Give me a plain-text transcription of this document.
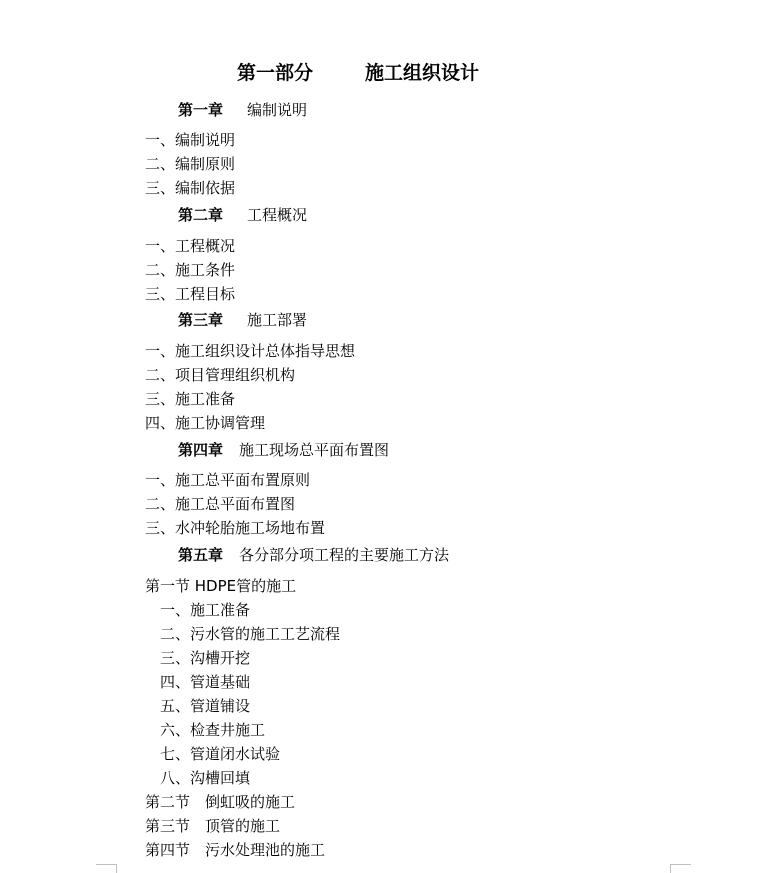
第一部分	施工组织设计
第一章 编制说明
一、编制说明
二、编制原则
三、编制依据
第二章 工程概况
一、工程概况
二、施工条件
三、工程目标
第三章 施工部署
一、施工组织设计总体指导思想
二、项目管理组织机构
三、施工准备
四、施工协调管理
第四章 施工现场总平面布置图
一、施工总平面布置原则
二、施工总平面布置图
三、水冲轮胎施工场地布置
第五章 各分部分项工程的主要施工方法
第一节 HDPE管的施工
一、施工准备
二、污水管的施工工艺流程
三、沟槽开挖
四、管道基础
五、管道铺设
六、检查井施工
七、管道闭水试验
八、沟槽回填
第二节　倒虹吸的施工
第三节　顶管的施工
第四节　污水处理池的施工
